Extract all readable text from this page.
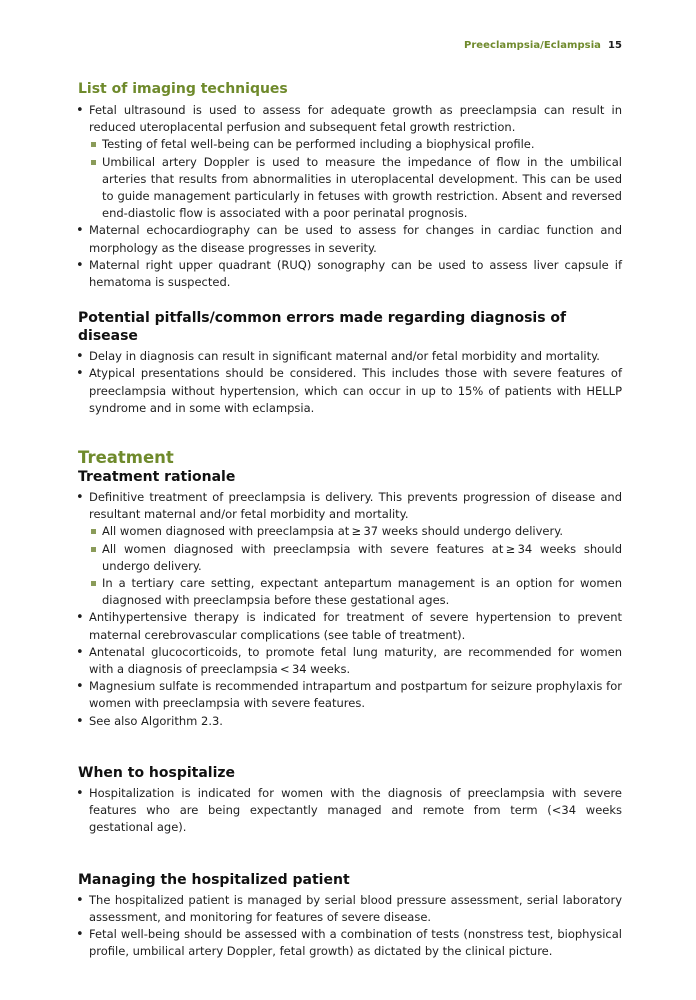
Preeclampsia/Eclampsia 15
List of imaging techniques
• Fetal ultrasound is used to assess for adequate growth as preeclampsia can result in reduced uteroplacental perfusion and subsequent fetal growth restriction.
Testing of fetal well-being can be performed including a biophysical profile.
Umbilical artery Doppler is used to measure the impedance of flow in the umbilical arteries that results from abnormalities in uteroplacental development. This can be used to guide management particularly in fetuses with growth restriction. Absent and reversed end-diastolic flow is associated with a poor perinatal prognosis.
• Maternal echocardiography can be used to assess for changes in cardiac function and morphology as the disease progresses in severity.
• Maternal right upper quadrant (RUQ) sonography can be used to assess liver capsule if hematoma is suspected.
Potential pitfalls/common errors made regarding diagnosis of disease
• Delay in diagnosis can result in significant maternal and/or fetal morbidity and mortality.
• Atypical presentations should be considered. This includes those with severe features of preeclampsia without hypertension, which can occur in up to 15% of patients with HELLP syndrome and in some with eclampsia.
Treatment
Treatment rationale
• Definitive treatment of preeclampsia is delivery. This prevents progression of disease and resultant maternal and/or fetal morbidity and mortality.
All women diagnosed with preeclampsia at ≥ 37 weeks should undergo delivery.
All women diagnosed with preeclampsia with severe features at ≥ 34 weeks should undergo delivery.
In a tertiary care setting, expectant antepartum management is an option for women diagnosed with preeclampsia before these gestational ages.
• Antihypertensive therapy is indicated for treatment of severe hypertension to prevent maternal cerebrovascular complications (see table of treatment).
• Antenatal glucocorticoids, to promote fetal lung maturity, are recommended for women with a diagnosis of preeclampsia < 34 weeks.
• Magnesium sulfate is recommended intrapartum and postpartum for seizure prophylaxis for women with preeclampsia with severe features.
• See also Algorithm 2.3.
When to hospitalize
• Hospitalization is indicated for women with the diagnosis of preeclampsia with severe features who are being expectantly managed and remote from term (<34 weeks gestational age).
Managing the hospitalized patient
• The hospitalized patient is managed by serial blood pressure assessment, serial laboratory assessment, and monitoring for features of severe disease.
• Fetal well-being should be assessed with a combination of tests (nonstress test, biophysical profile, umbilical artery Doppler, fetal growth) as dictated by the clinical picture.
